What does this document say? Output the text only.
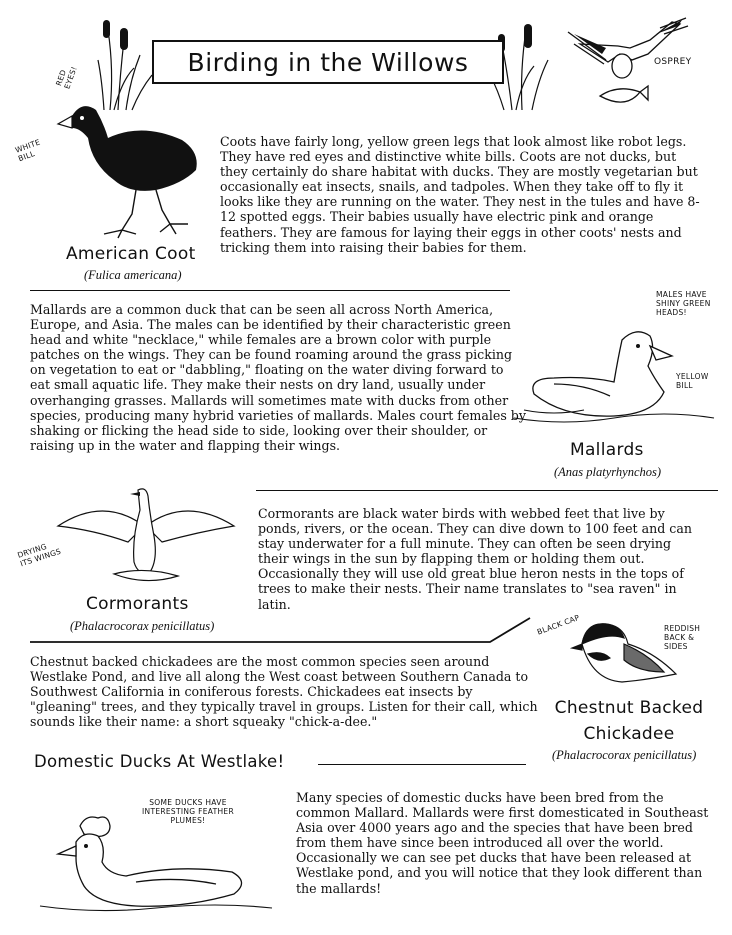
Birding in the Willows	OSPREY
RED EYES!
WHITE BILL
American Coot
(Fulica americana)
Coots have fairly long, yellow green legs that look almost like robot legs. They have red eyes and distinctive white bills. Coots are not ducks, but they certainly do share habitat with ducks. They are mostly vegetarian but occasionally eat insects, snails, and tadpoles. When they take off to fly it looks like they are running on the water. They nest in the tules and have 8-12 spotted eggs. Their babies usually have electric pink and orange feathers. They are famous for laying their eggs in other coots' nests and tricking them into raising their babies for them.
Mallards are a common duck that can be seen all across North America, Europe, and Asia. The males can be identified by their characteristic green head and white "necklace," while females are a brown color with purple patches on the wings. They can be found roaming around the grass picking on vegetation to eat or "dabbling," floating on the water diving forward to eat small aquatic life. They make their nests on dry land, usually under overhanging grasses. Mallards will sometimes mate with ducks from other species, producing many hybrid varieties of mallards. Males court females by shaking or flicking the head side to side, looking over their shoulder, or raising up in the water and flapping their wings.
MALES HAVE SHINY GREEN HEADS!
YELLOW BILL
Mallards
(Anas platyrhynchos)
DRYING ITS WINGS
Cormorants
(Phalacrocorax penicillatus)
Cormorants are black water birds with webbed feet that live by ponds, rivers, or the ocean. They can dive down to 100 feet and can stay underwater for a full minute. They can often be seen drying their wings in the sun by flapping them or holding them out. Occasionally they will use old great blue heron nests in the tops of trees to make their nests. Their name translates to "sea raven" in latin.
BLACK CAP	REDDISH BACK & SIDES
Chestnut Backed
Chickadee
(Phalacrocorax penicillatus)
Chestnut backed chickadees are the most common species seen around Westlake Pond, and live all along the West coast between Southern Canada to Southwest California in coniferous forests. Chickadees eat insects by "gleaning" trees, and they typically travel in groups. Listen for their call, which sounds like their name: a short squeaky "chick-a-dee."
Domestic Ducks At Westlake!
SOME DUCKS HAVE INTERESTING FEATHER PLUMES!
Many species of domestic ducks have been bred from the common Mallard. Mallards were first domesticated in Southeast Asia over 4000 years ago and the species that have been bred from them have since been introduced all over the world. Occasionally we can see pet ducks that have been released at Westlake pond, and you will notice that they look different than the mallards!
